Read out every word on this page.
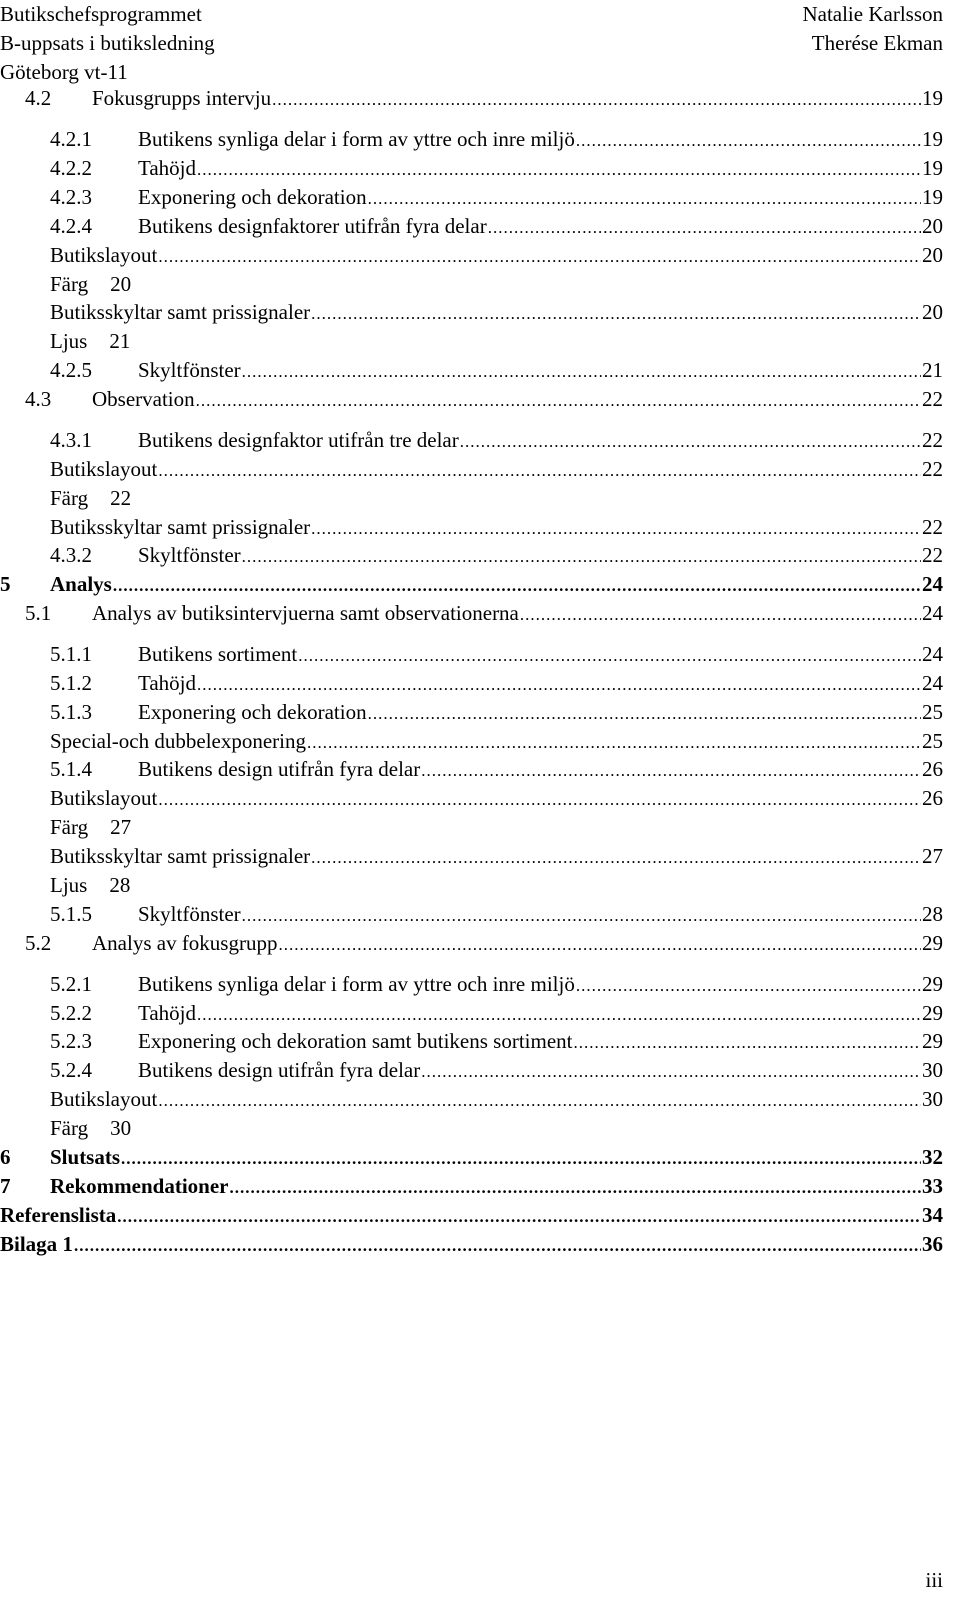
Butikschefsprogrammet
B-uppsats i butiksledning
Göteborg vt-11
Natalie Karlsson
Therése Ekman
4.2	Fokusgrupps intervju .....	19
4.2.1	Butikens synliga delar i form av yttre och inre miljö .....	19
4.2.2	Tahöjd .....	19
4.2.3	Exponering och dekoration .....	19
4.2.4	Butikens designfaktorer utifrån fyra delar .....	20
Butikslayout .....	20
Färg 20
Butiksskyltar samt prissignaler .....	20
Ljus 21
4.2.5	Skyltfönster .....	21
4.3	Observation .....	22
4.3.1	Butikens designfaktor utifrån tre delar .....	22
Butikslayout .....	22
Färg 22
Butiksskyltar samt prissignaler .....	22
4.3.2	Skyltfönster .....	22
5	Analys .....	24
5.1	Analys av butiksintervjuerna samt observationerna .....	24
5.1.1	Butikens sortiment .....	24
5.1.2	Tahöjd .....	24
5.1.3	Exponering och dekoration .....	25
Special-och dubbelexponering .....	25
5.1.4	Butikens design utifrån fyra delar .....	26
Butikslayout .....	26
Färg 27
Butiksskyltar samt prissignaler .....	27
Ljus 28
5.1.5	Skyltfönster .....	28
5.2	Analys av fokusgrupp .....	29
5.2.1	Butikens synliga delar i form av yttre och inre miljö .....	29
5.2.2	Tahöjd .....	29
5.2.3	Exponering och dekoration samt butikens sortiment .....	29
5.2.4	Butikens design utifrån fyra delar .....	30
Butikslayout .....	30
Färg 30
6	Slutsats .....	32
7	Rekommendationer .....	33
Referenslista .....	34
Bilaga 1 .....	36
iii
